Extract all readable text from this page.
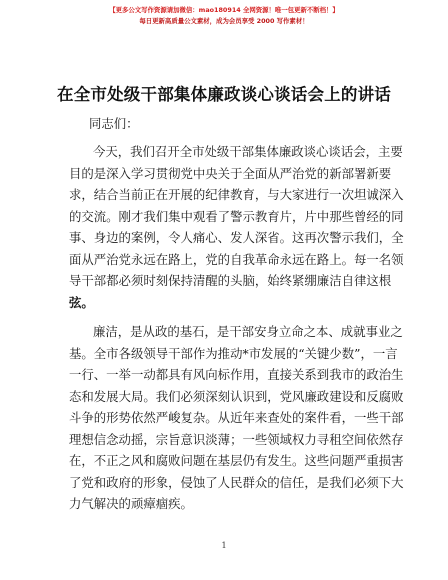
【更多公文写作资源请加微信：mao180914 全网资源！唯一包更新不断档！】
每日更新高质量公文素材，成为会员享受 2000 写作素材！
在全市处级干部集体廉政谈心谈话会上的讲话
同志们：
今天，我们召开全市处级干部集体廉政谈心谈话会，主要
目的是深入学习贯彻党中央关于全面从严治党的新部署新要
求，结合当前正在开展的纪律教育，与大家进行一次坦诚深入
的交流。刚才我们集中观看了警示教育片，片中那些曾经的同
事、身边的案例，令人痛心、发人深省。这再次警示我们，全
面从严治党永远在路上，党的自我革命永远在路上。每一名领
导干部都必须时刻保持清醒的头脑，始终紧绷廉洁自律这根
弦。
廉洁，是从政的基石，是干部安身立命之本、成就事业之
基。全市各级领导干部作为推动*市发展的“关键少数”，一言
一行、一举一动都具有风向标作用，直接关系到我市的政治生
态和发展大局。我们必须深刻认识到，党风廉政建设和反腐败
斗争的形势依然严峻复杂。从近年来查处的案件看，一些干部
理想信念动摇，宗旨意识淡薄；一些领域权力寻租空间依然存
在，不正之风和腐败问题在基层仍有发生。这些问题严重损害
了党和政府的形象，侵蚀了人民群众的信任，是我们必须下大
力气解决的顽瘴痼疾。
1
